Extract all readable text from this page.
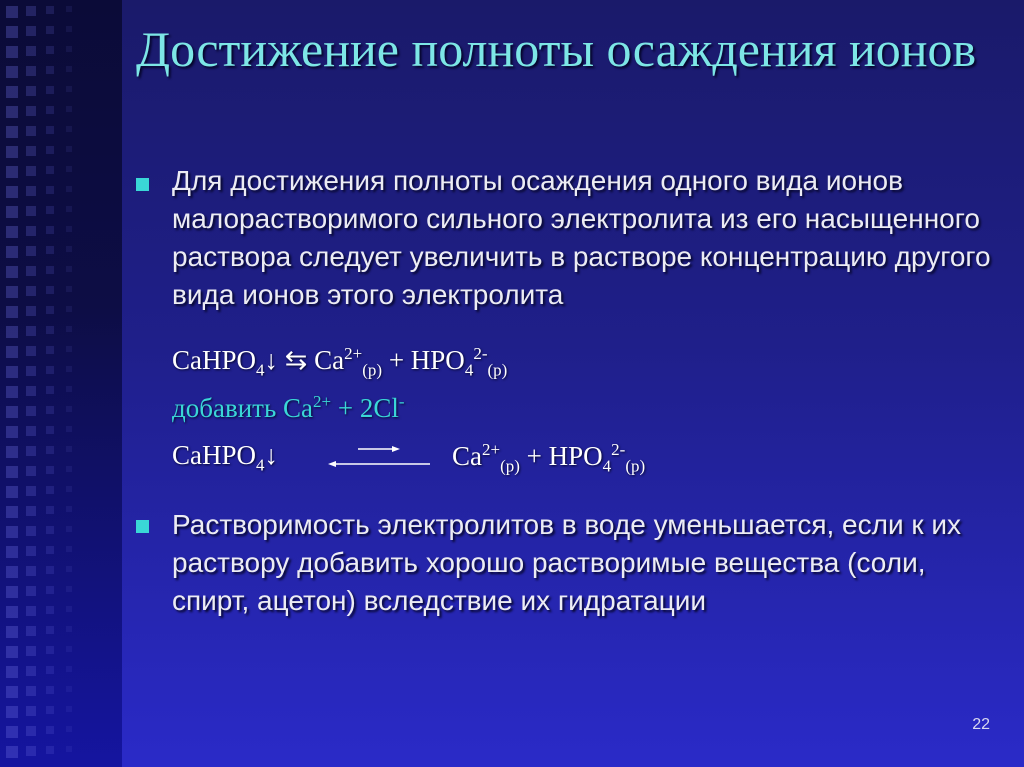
Достижение полноты осаждения ионов

Для достижения полноты осаждения одного вида ионов малорастворимого сильного электролита из его насыщенного раствора следует увеличить в растворе концентрацию другого вида ионов этого электролита

CaHPO$_4$↓ ⇆ $Ca^{2+}_{(р)} + HPO_4^{2-}_{(р)}$
добавить $Ca^{2+} + 2Cl^-$
CaHPO$_4$↓	$Ca^{2+}_{(р)} + HPO_4^{2-}_{(р)}$

Растворимость электролитов в воде уменьшается, если к их раствору добавить хорошо растворимые вещества (соли, спирт, ацетон) вследствие их гидратации

22
